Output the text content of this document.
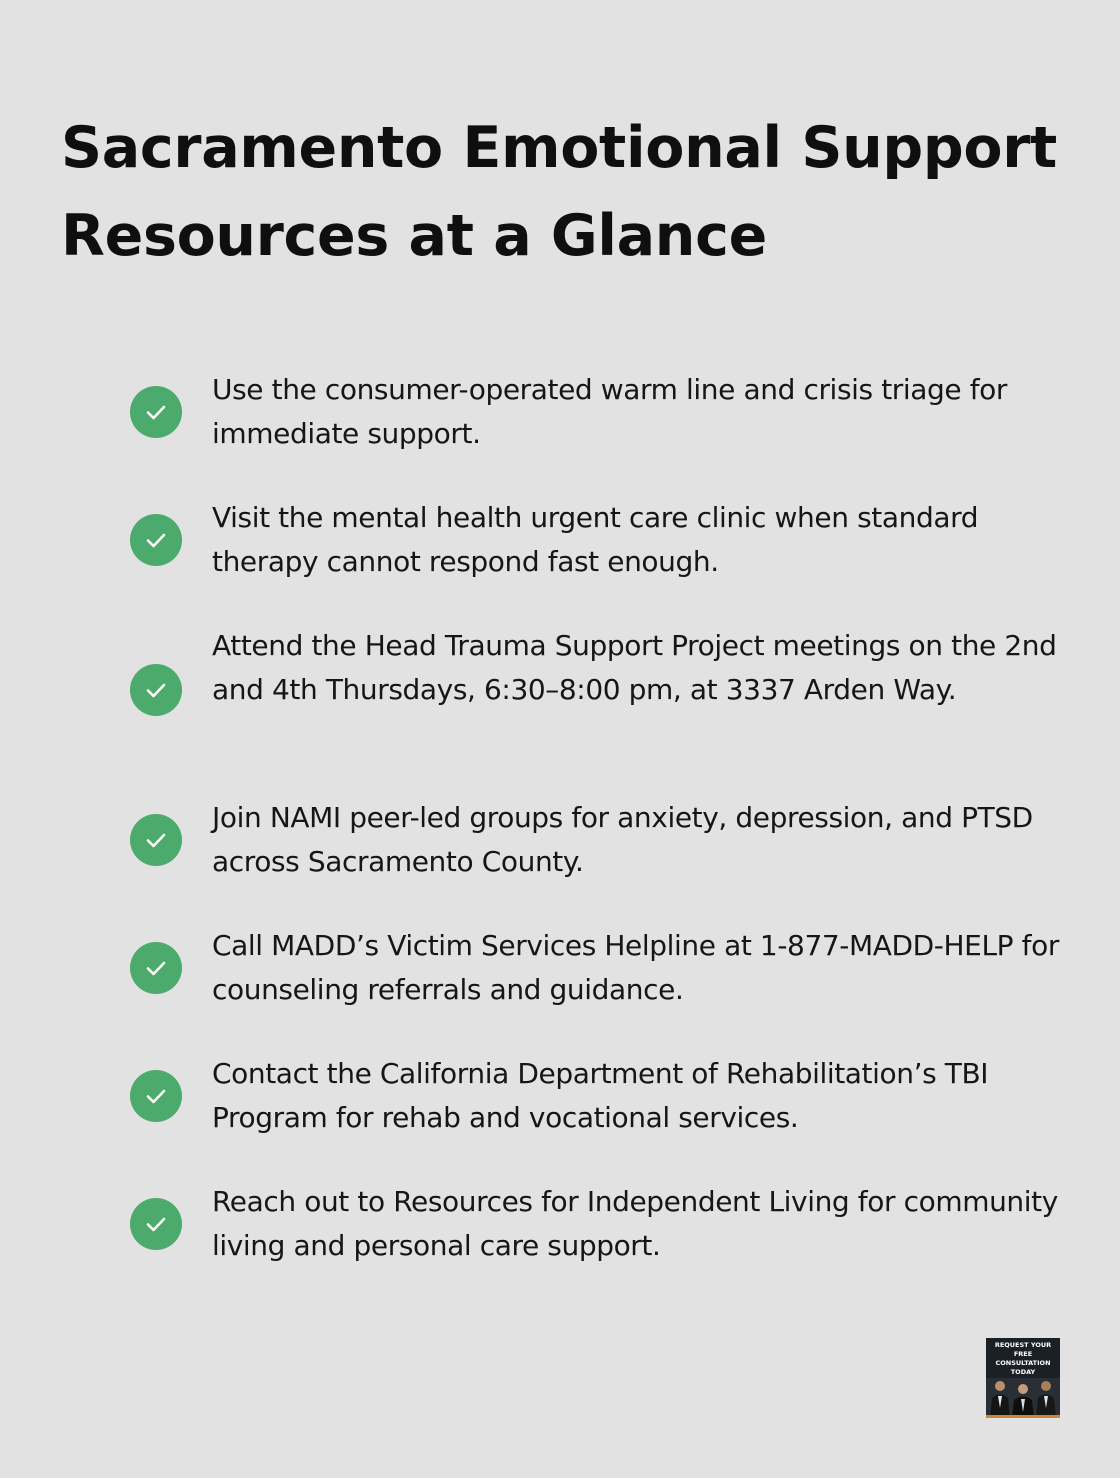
Sacramento Emotional Support Resources at a Glance
Use the consumer-operated warm line and crisis triage for immediate support.
Visit the mental health urgent care clinic when standard therapy cannot respond fast enough.
Attend the Head Trauma Support Project meetings on the 2nd and 4th Thursdays, 6:30–8:00 pm, at 3337 Arden Way.
Join NAMI peer-led groups for anxiety, depression, and PTSD across Sacramento County.
Call MADD’s Victim Services Helpline at 1-877-MADD-HELP for counseling referrals and guidance.
Contact the California Department of Rehabilitation’s TBI Program for rehab and vocational services.
Reach out to Resources for Independent Living for community living and personal care support.
REQUEST YOUR FREE CONSULTATION TODAY
